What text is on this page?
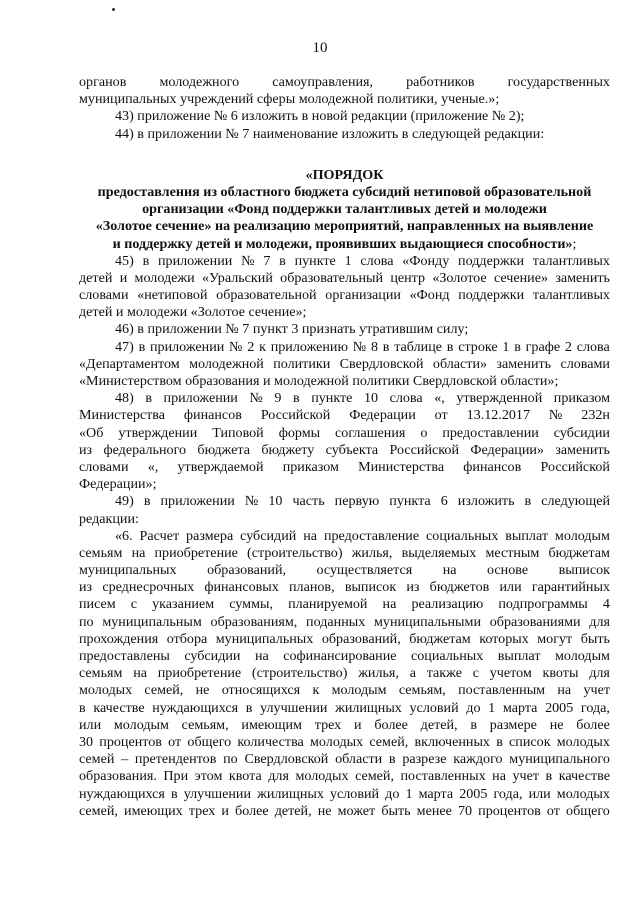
10
органов молодежного самоуправления, работников государственных
муниципальных учреждений сферы молодежной политики, ученые.»;
43) приложение № 6 изложить в новой редакции (приложение № 2);
44) в приложении № 7 наименование изложить в следующей редакции:
«ПОРЯДОК
предоставления из областного бюджета субсидий нетиповой образовательной
организации «Фонд поддержки талантливых детей и молодежи
«Золотое сечение» на реализацию мероприятий, направленных на выявление
и поддержку детей и молодежи, проявивших выдающиеся способности»;
45) в приложении № 7 в пункте 1 слова «Фонду поддержки талантливых
детей и молодежи «Уральский образовательный центр «Золотое сечение» заменить
словами «нетиповой образовательной организации «Фонд поддержки талантливых
детей и молодежи «Золотое сечение»;
46) в приложении № 7 пункт 3 признать утратившим силу;
47) в приложении № 2 к приложению № 8 в таблице в строке 1 в графе 2 слова
«Департаментом молодежной политики Свердловской области» заменить словами
«Министерством образования и молодежной политики Свердловской области»;
48) в приложении № 9 в пункте 10 слова «, утвержденной приказом
Министерства финансов Российской Федерации от 13.12.2017 № 232н
«Об утверждении Типовой формы соглашения о предоставлении субсидии
из федерального бюджета бюджету субъекта Российской Федерации» заменить
словами «, утверждаемой приказом Министерства финансов Российской
Федерации»;
49) в приложении № 10 часть первую пункта 6 изложить в следующей
редакции:
«6. Расчет размера субсидий на предоставление социальных выплат молодым
семьям на приобретение (строительство) жилья, выделяемых местным бюджетам
муниципальных образований, осуществляется на основе выписок
из среднесрочных финансовых планов, выписок из бюджетов или гарантийных
писем с указанием суммы, планируемой на реализацию подпрограммы 4
по муниципальным образованиям, поданных муниципальными образованиями для
прохождения отбора муниципальных образований, бюджетам которых могут быть
предоставлены субсидии на софинансирование социальных выплат молодым
семьям на приобретение (строительство) жилья, а также с учетом квоты для
молодых семей, не относящихся к молодым семьям, поставленным на учет
в качестве нуждающихся в улучшении жилищных условий до 1 марта 2005 года,
или молодым семьям, имеющим трех и более детей, в размере не более
30 процентов от общего количества молодых семей, включенных в список молодых
семей – претендентов по Свердловской области в разрезе каждого муниципального
образования. При этом квота для молодых семей, поставленных на учет в качестве
нуждающихся в улучшении жилищных условий до 1 марта 2005 года, или молодых
семей, имеющих трех и более детей, не может быть менее 70 процентов от общего
